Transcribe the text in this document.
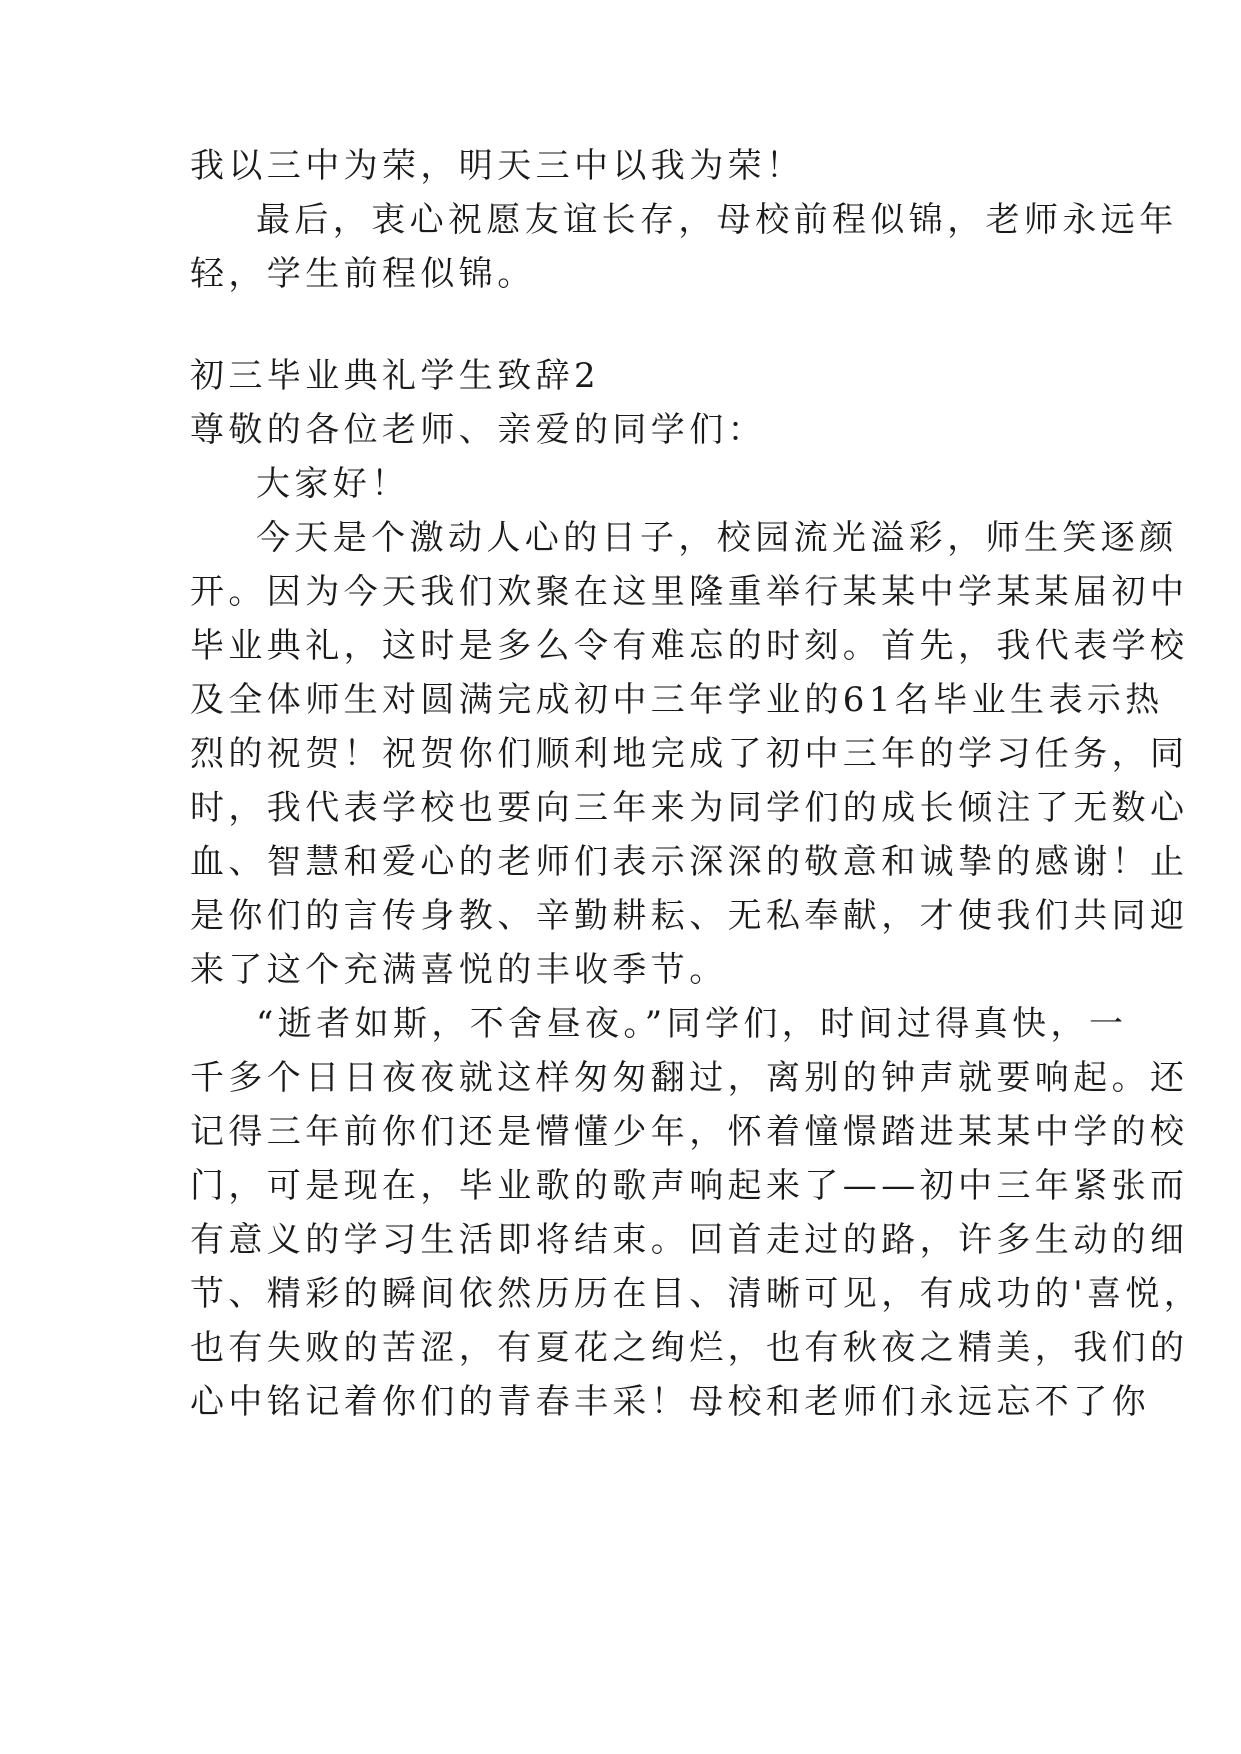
我以三中为荣，明天三中以我为荣！

最后，衷心祝愿友谊长存，母校前程似锦，老师永远年

轻，学生前程似锦。

初三毕业典礼学生致辞2

尊敬的各位老师、亲爱的同学们：

大家好！

今天是个激动人心的日子，校园流光溢彩，师生笑逐颜

开。因为今天我们欢聚在这里隆重举行某某中学某某届初中

毕业典礼，这时是多么令有难忘的时刻。首先，我代表学校

及全体师生对圆满完成初中三年学业的61名毕业生表示热

烈的祝贺！祝贺你们顺利地完成了初中三年的学习任务，同

时，我代表学校也要向三年来为同学们的成长倾注了无数心

血、智慧和爱心的老师们表示深深的敬意和诚挚的感谢！止

是你们的言传身教、辛勤耕耘、无私奉献，才使我们共同迎

来了这个充满喜悦的丰收季节。

“逝者如斯，不舍昼夜。”同学们，时间过得真快，一

千多个日日夜夜就这样匆匆翻过，离别的钟声就要响起。还

记得三年前你们还是懵懂少年，怀着憧憬踏进某某中学的校

门，可是现在，毕业歌的歌声响起来了——初中三年紧张而

有意义的学习生活即将结束。回首走过的路，许多生动的细

节、精彩的瞬间依然历历在目、清晰可见，有成功的'喜悦，

也有失败的苦涩，有夏花之绚烂，也有秋夜之精美，我们的

心中铭记着你们的青春丰采！母校和老师们永远忘不了你
